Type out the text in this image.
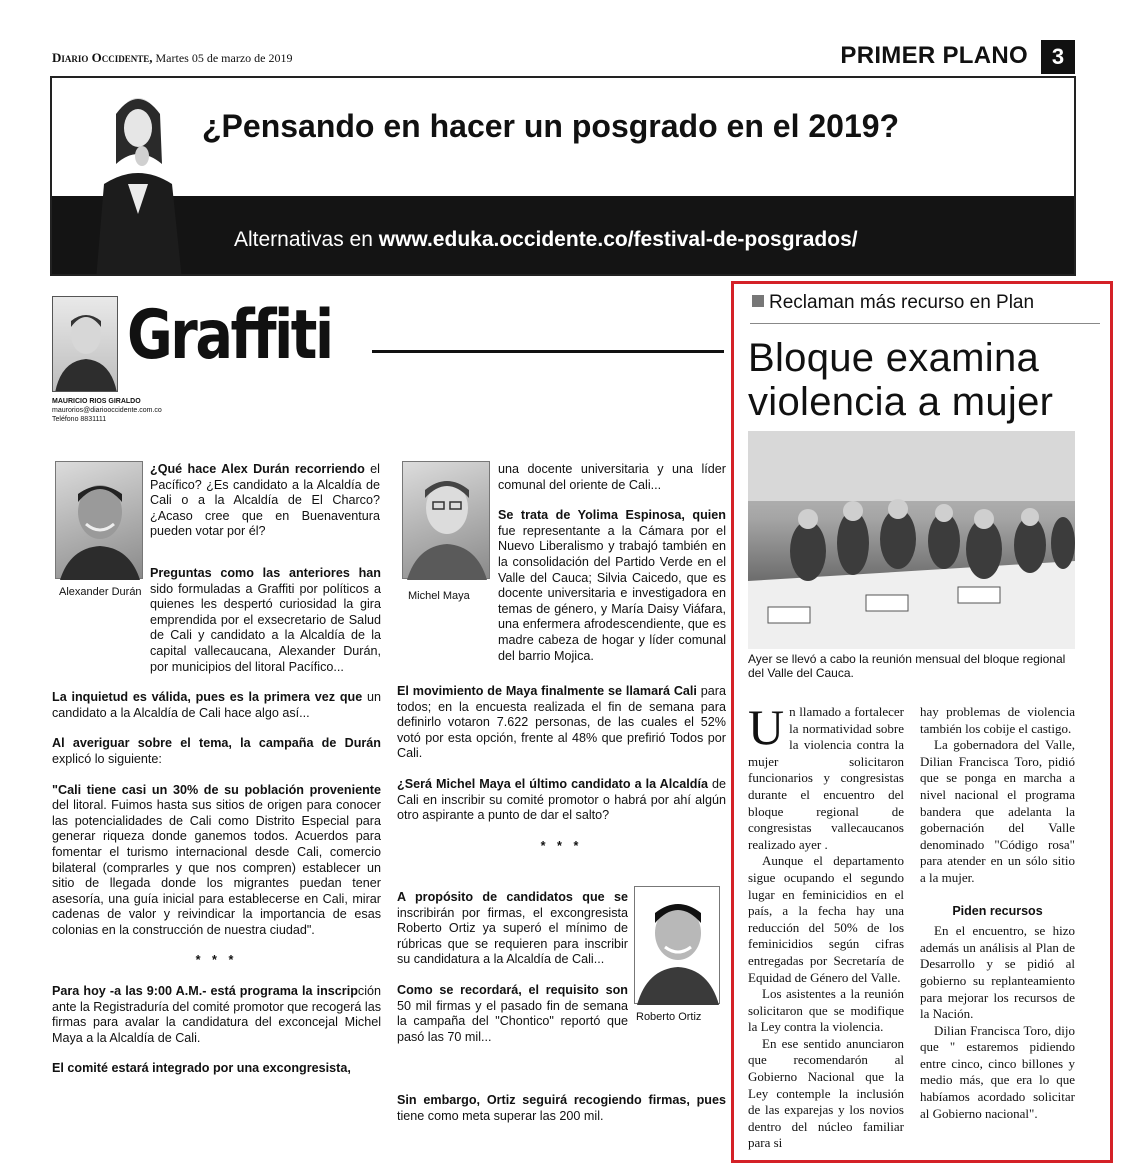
Diario Occidente, Martes 05 de marzo de 2019	PRIMER PLANO	3
¿Pensando en hacer un posgrado en el 2019?
Alternativas en www.eduka.occidente.co/festival-de-posgrados/
Graffiti
MAURICIO RIOS GIRALDO
maurorios@diariooccidente.com.co
Teléfono 8831111
Alexander Durán

¿Qué hace Alex Durán recorriendo el Pacífico? ¿Es candidato a la Alcaldía de Cali o a la Alcaldía de El Charco? ¿Acaso cree que en Buenaventura pueden votar por él?

Preguntas como las anteriores han sido formuladas a Graffiti por políticos a quienes les despertó curiosidad la gira emprendida por el exsecretario de Salud de Cali y candidato a la Alcaldía de la capital vallecaucana, Alexander Durán, por municipios del litoral Pacífico...

La inquietud es válida, pues es la primera vez que un candidato a la Alcaldía de Cali hace algo así...

Al averiguar sobre el tema, la campaña de Durán explicó lo siguiente:

"Cali tiene casi un 30% de su población proveniente del litoral. Fuimos hasta sus sitios de origen para conocer las potencialidades de Cali como Distrito Especial para generar riqueza donde ganemos todos. Acuerdos para fomentar el turismo internacional desde Cali, comercio bilateral (comprarles y que nos compren) establecer un sitio de llegada donde los migrantes puedan tener asesoría, una guía inicial para establecerse en Cali, mirar cadenas de valor y reivindicar la importancia de esas colonias en la construcción de nuestra ciudad".

* * *

Para hoy -a las 9:00 A.M.- está programa la inscripción ante la Registraduría del comité promotor que recogerá las firmas para avalar la candidatura del exconcejal Michel Maya a la Alcaldía de Cali.

El comité estará integrado por una excongresista,

Michel Maya

una docente universitaria y una líder comunal del oriente de Cali...

Se trata de Yolima Espinosa, quien fue representante a la Cámara por el Nuevo Liberalismo y trabajó también en la consolidación del Partido Verde en el Valle del Cauca; Silvia Caicedo, que es docente universitaria e investigadora en temas de género, y María Daisy Viáfara, una enfermera afrodescendiente, que es madre cabeza de hogar y líder comunal del barrio Mojica.

El movimiento de Maya finalmente se llamará Cali para todos; en la encuesta realizada el fin de semana para definirlo votaron 7.622 personas, de las cuales el 52% votó por esta opción, frente al 48% que prefirió Todos por Cali.

¿Será Michel Maya el último candidato a la Alcaldía de Cali en inscribir su comité promotor o habrá por ahí algún otro aspirante a punto de dar el salto?

* * *

A propósito de candidatos que se inscribirán por firmas, el excongresista Roberto Ortiz ya superó el mínimo de rúbricas que se requieren para inscribir su candidatura a la Alcaldía de Cali...

Como se recordará, el requisito son 50 mil firmas y el pasado fin de semana la campaña del "Chontico" reportó que pasó las 70 mil...

Sin embargo, Ortiz seguirá recogiendo firmas, pues tiene como meta superar las 200 mil.

Roberto Ortiz
Reclaman más recurso en Plan
Bloque examina violencia a mujer
Ayer se llevó a cabo la reunión mensual del bloque regional del Valle del Cauca.

Un llamado a fortalecer la normatividad sobre la violencia contra la mujer solicitaron funcionarios y congresistas durante el encuentro del bloque regional de congresistas vallecaucanos realizado ayer .

Aunque el departamento sigue ocupando el segundo lugar en feminicidios en el país, a la fecha hay una reducción del 50% de los feminicidios según cifras entregadas por Secretaría de Equidad de Género del Valle.

Los asistentes a la reunión solicitaron que se modifique la Ley contra la violencia.

En ese sentido anunciaron que recomendarón al Gobierno Nacional que la Ley contemple la inclusión de las exparejas y los novios dentro del núcleo familiar para si

hay problemas de violencia también los cobije el castigo.

La gobernadora del Valle, Dilian Francisca Toro, pidió que se ponga en marcha a nivel nacional el programa bandera que adelanta la gobernación del Valle denominado "Código rosa" para atender en un sólo sitio a la mujer.

Piden recursos

En el encuentro, se hizo además un análisis al Plan de Desarrollo y se pidió al gobierno su replanteamiento para mejorar los recursos de la Nación.

Dilian Francisca Toro, dijo que " estaremos pidiendo entre cinco, cinco billones y medio más, que era lo que habíamos acordado solicitar al Gobierno nacional".
